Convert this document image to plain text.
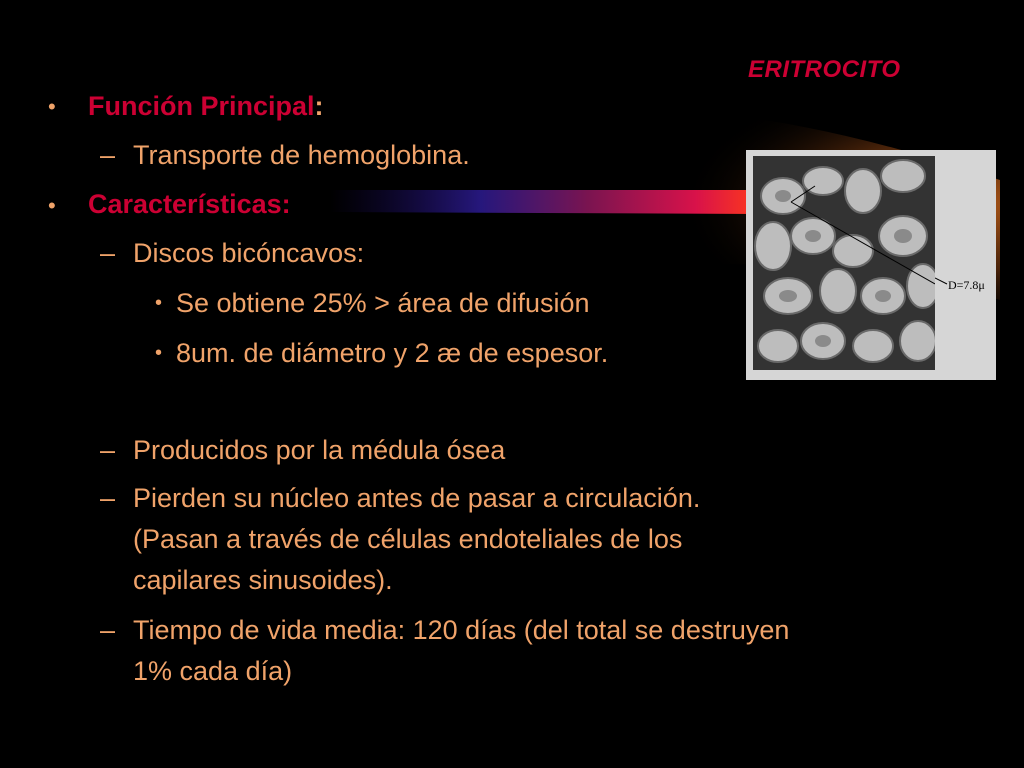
ERITROCITO
• Función Principal:
– Transporte de hemoglobina.
• Características:
– Discos bicóncavos:
• Se obtiene 25% > área de difusión
• 8um. de diámetro y 2 æ de espesor.
– Producidos por la médula ósea
– Pierden su núcleo antes de pasar a circulación.
(Pasan a través de células endoteliales de los
capilares sinusoides).
– Tiempo de vida media: 120 días (del total se destruyen
1% cada día)
D=7.8μ
